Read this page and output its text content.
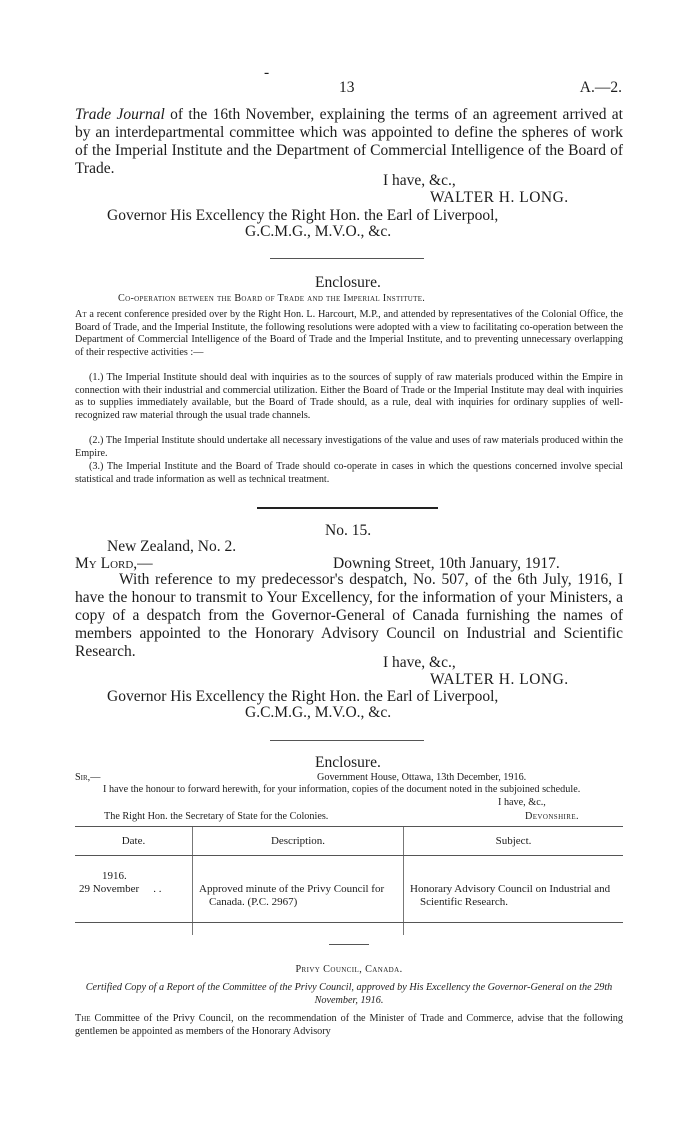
-
13	A.—2.
Trade Journal of the 16th November, explaining the terms of an agreement arrived at by an interdepartmental committee which was appointed to define the spheres of work of the Imperial Institute and the Department of Commercial Intelligence of the Board of Trade.
I have, &c.,
WALTER H. LONG.
Governor His Excellency the Right Hon. the Earl of Liverpool,
G.C.M.G., M.V.O., &c.
Enclosure.
Co-operation between the Board of Trade and the Imperial Institute.
At a recent conference presided over by the Right Hon. L. Harcourt, M.P., and attended by representatives of the Colonial Office, the Board of Trade, and the Imperial Institute, the following resolutions were adopted with a view to facilitating co-operation between the Department of Commercial Intelligence of the Board of Trade and the Imperial Institute, and to preventing unnecessary overlapping of their respective activities :—
(1.) The Imperial Institute should deal with inquiries as to the sources of supply of raw materials produced within the Empire in connection with their industrial and commercial utilization. Either the Board of Trade or the Imperial Institute may deal with inquiries as to supplies immediately available, but the Board of Trade should, as a rule, deal with inquiries for ordinary supplies of well-recognized raw material through the usual trade channels.
(2.) The Imperial Institute should undertake all necessary investigations of the value and uses of raw materials produced within the Empire.
(3.) The Imperial Institute and the Board of Trade should co-operate in cases in which the questions concerned involve special statistical and trade information as well as technical treatment.
No. 15.
New Zealand, No. 2.
My Lord,—	Downing Street, 10th January, 1917.
With reference to my predecessor's despatch, No. 507, of the 6th July, 1916, I have the honour to transmit to Your Excellency, for the information of your Ministers, a copy of a despatch from the Governor-General of Canada furnishing the names of members appointed to the Honorary Advisory Council on Industrial and Scientific Research.
I have, &c.,
WALTER H. LONG.
Governor His Excellency the Right Hon. the Earl of Liverpool,
G.C.M.G., M.V.O., &c.
Enclosure.
Sir,—	Government House, Ottawa, 13th December, 1916.
I have the honour to forward herewith, for your information, copies of the document noted in the subjoined schedule.
I have, &c.,
The Right Hon. the Secretary of State for the Colonies.	Devonshire.
Date.	Description.	Subject.

1916.
29 November . .	Approved minute of the Privy Council for Canada. (P.C. 2967)	Honorary Advisory Council on Industrial and Scientific Research.
Privy Council, Canada.
Certified Copy of a Report of the Committee of the Privy Council, approved by His Excellency the Governor-General on the 29th November, 1916.
The Committee of the Privy Council, on the recommendation of the Minister of Trade and Commerce, advise that the following gentlemen be appointed as members of the Honorary Advisory
